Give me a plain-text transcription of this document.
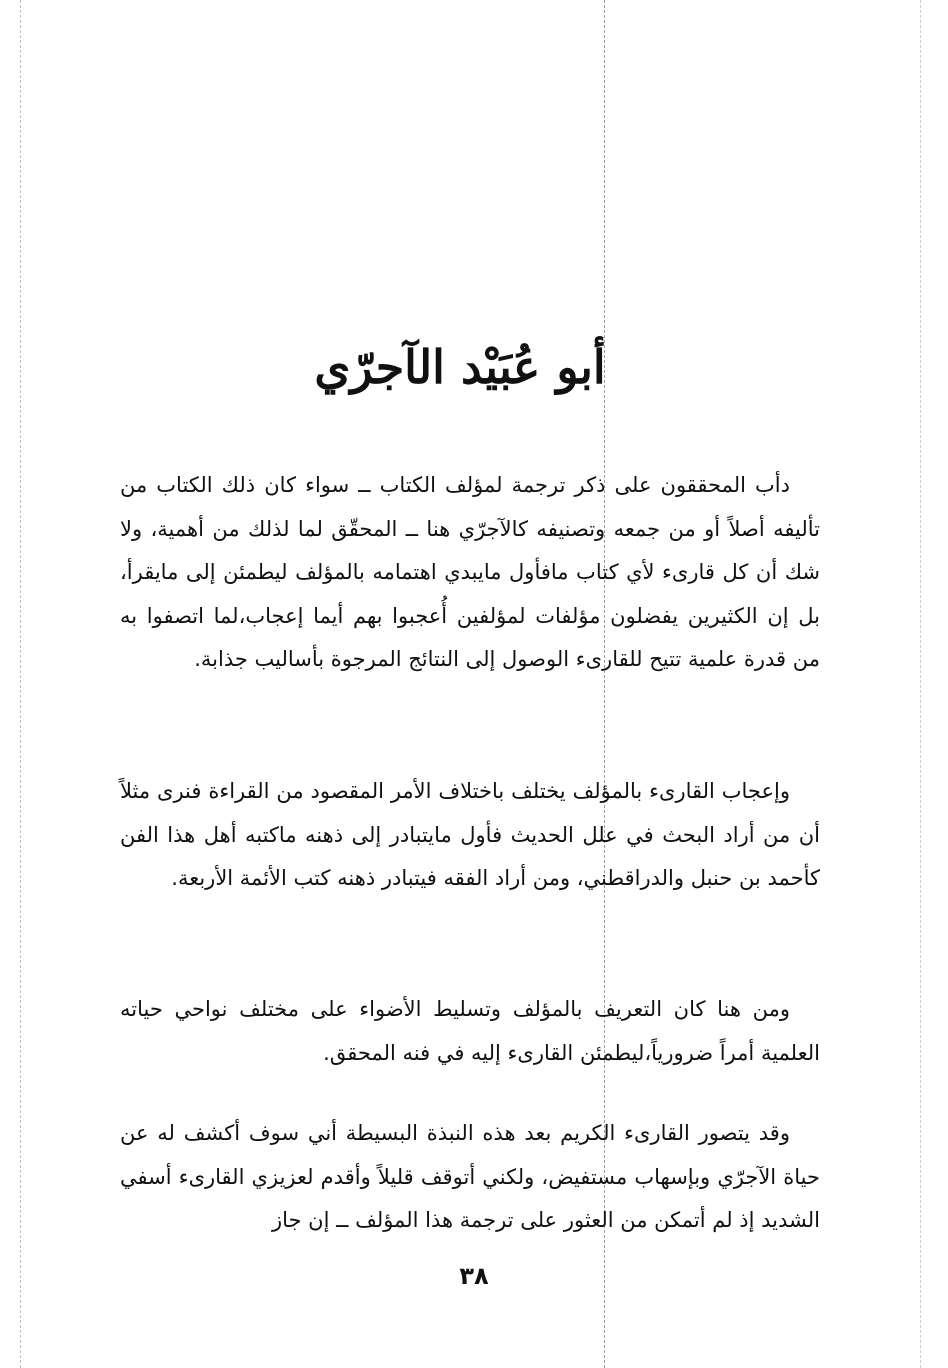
أبو عُبَيْد الآجرّي

دأب المحققون على ذكر ترجمة لمؤلف الكتاب ــ سواء كان ذلك الكتاب من تأليفه أصلاً أو من جمعه وتصنيفه كالآجرّي هنا ــ المحقّق لما لذلك من أهمية، ولا شك أن كل قارىء لأي كتاب مافأول مايبدي اهتمامه بالمؤلف ليطمئن إلى مايقرأ، بل إن الكثيرين يفضلون مؤلفات لمؤلفين أُعجبوا بهم أيما إعجاب،لما اتصفوا به من قدرة علمية تتيح للقارىء الوصول إلى النتائج المرجوة بأساليب جذابة.

وإعجاب القارىء بالمؤلف يختلف باختلاف الأمر المقصود من القراءة فنرى مثلاً أن من أراد البحث في علل الحديث فأول مايتبادر إلى ذهنه ماكتبه أهل هذا الفن كأحمد بن حنبل والدراقطني، ومن أراد الفقه فيتبادر ذهنه كتب الأئمة الأربعة.

ومن هنا كان التعريف بالمؤلف وتسليط الأضواء على مختلف نواحي حياته العلمية أمراً ضرورياً،ليطمئن القارىء إليه في فنه المحقق.

وقد يتصور القارىء الكريم بعد هذه النبذة البسيطة أني سوف أكشف له عن حياة الآجرّي وبإسهاب مستفيض، ولكني أتوقف قليلاً وأقدم لعزيزي القارىء أسفي الشديد إذ لم أتمكن من العثور على ترجمة هذا المؤلف ــ إن جاز

٣٨
